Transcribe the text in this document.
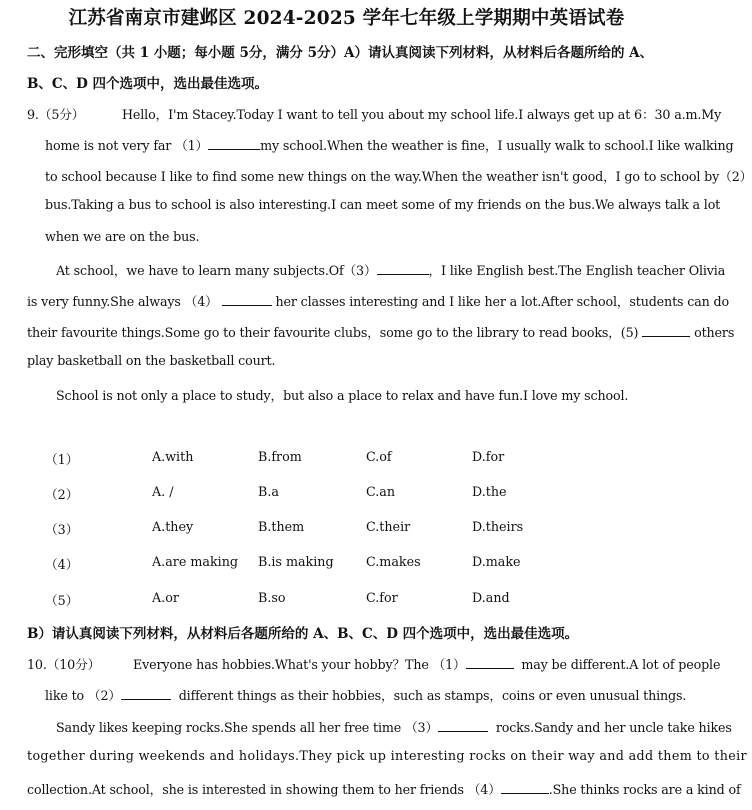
江苏省南京市建邺区 2024-2025 学年七年级上学期期中英语试卷
二、完形填空（共 1 小题；每小题 5分，满分 5分）A）请认真阅读下列材料，从材料后各题所给的 A、
B、C、D 四个选项中，选出最佳选项。
9.（5分）	Hello，I'm Stacey.Today I want to tell you about my school life.I always get up at 6：30 a.m.My
home is not very far （1）	my school.When the weather is fine，I usually walk to school.I like walking
to school because I like to find some new things on the way.When the weather isn't good，I go to school by（2）
bus.Taking a bus to school is also interesting.I can meet some of my friends on the bus.We always talk a lot
when we are on the bus.
At school，we have to learn many subjects.Of（3）	，I like English best.The English teacher Olivia
is very funny.She always （4）	her classes interesting and I like her a lot.After school，students can do
their favourite things.Some go to their favourite clubs，some go to the library to read books，(5)	others
play basketball on the basketball court.
School is not only a place to study，but also a place to relax and have fun.I love my school.
（1）	A.with	B.from	C.of	D.for
（2）	A. /	B.a	C.an	D.the
（3）	A.they	B.them	C.their	D.theirs
（4）	A.are making B.is making	C.makes	D.make
（5）	A.or	B.so	C.for	D.and
B）请认真阅读下列材料，从材料后各题所给的 A、B、C、D 四个选项中，选出最佳选项。
10.（10分）	Everyone has hobbies.What's your hobby？The （1）	may be different.A lot of people
like to （2）	different things as their hobbies，such as stamps，coins or even unusual things.
Sandy likes keeping rocks.She spends all her free time （3）	rocks.Sandy and her uncle take hikes
together during weekends and holidays.They pick up interesting rocks on their way and add them to their
collection.At school，she is interested in showing them to her friends （4）	.She thinks rocks are a kind of
